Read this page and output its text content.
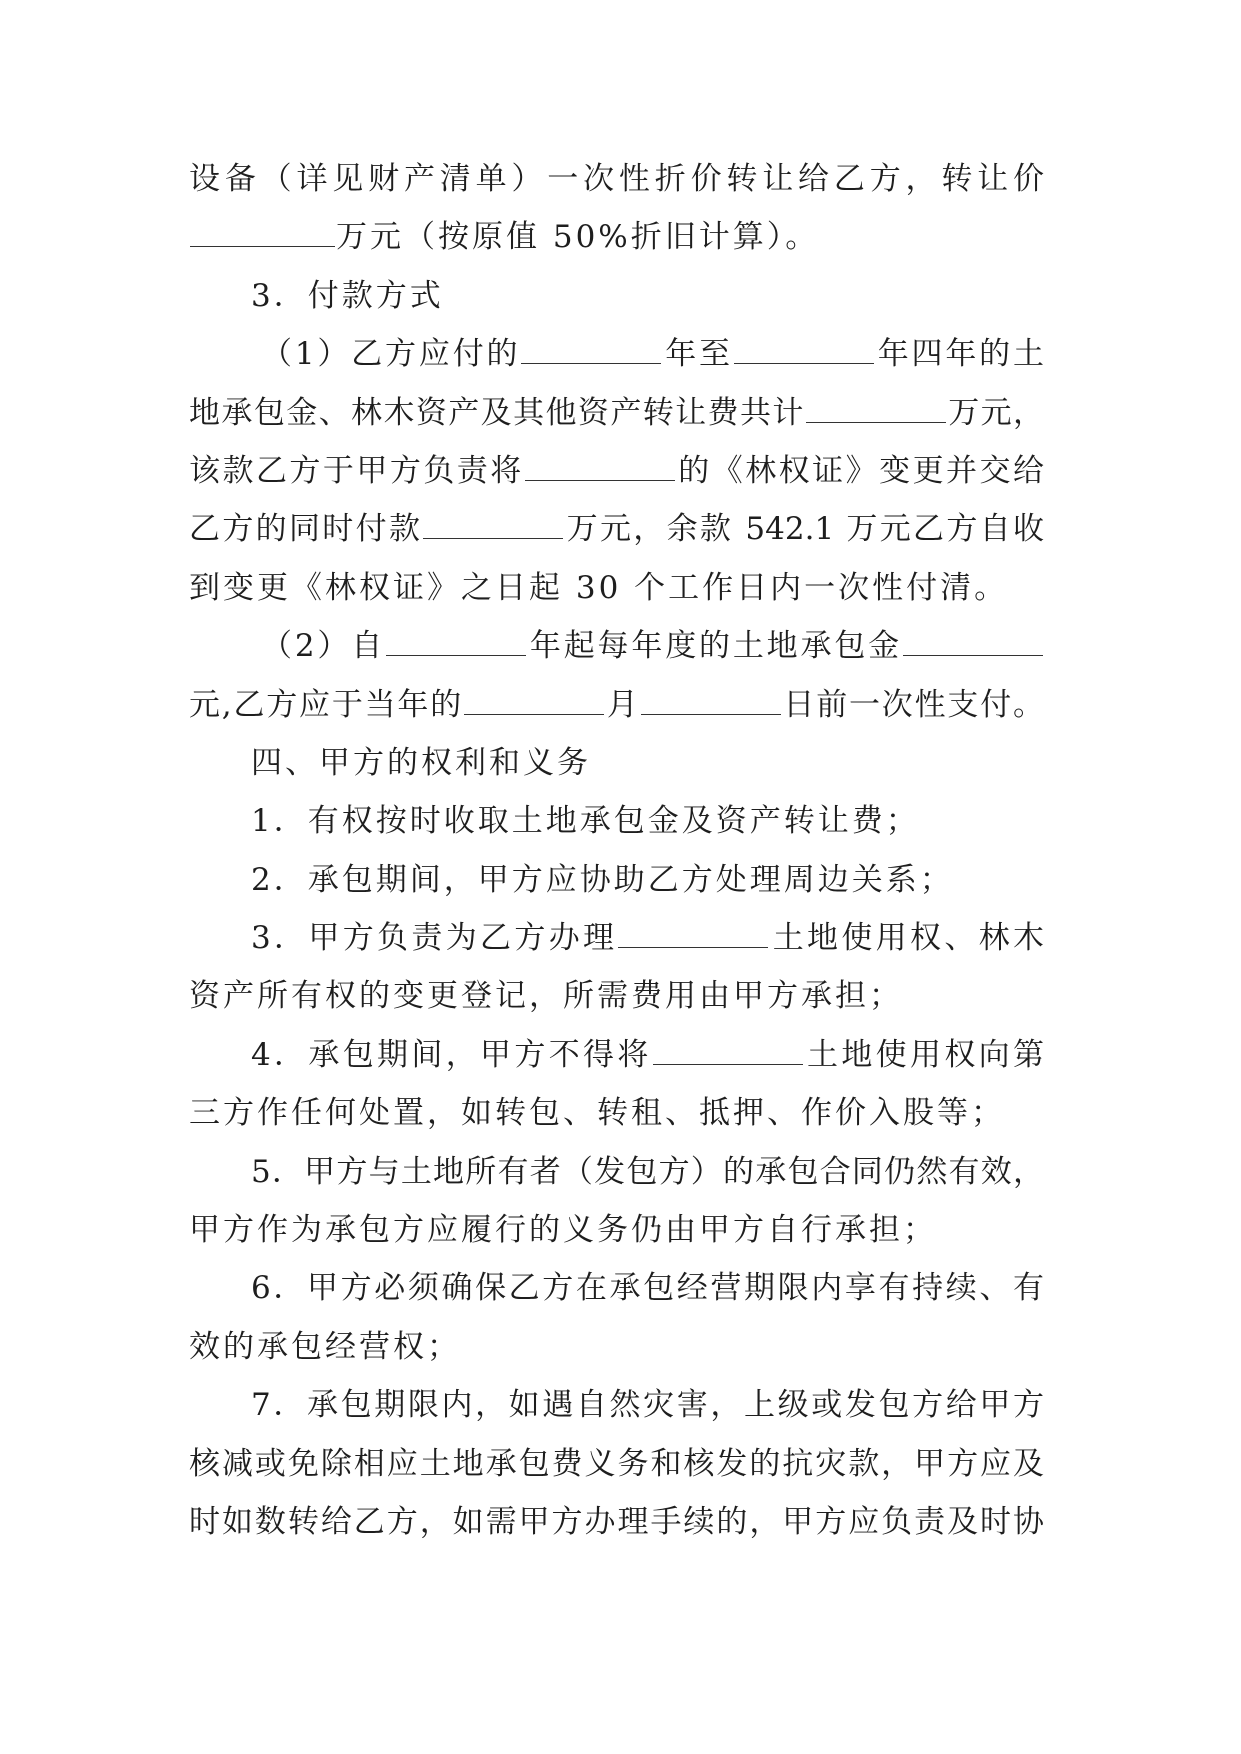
设备（详见财产清单）一次性折价转让给乙方，转让价
万元（按原值 50%折旧计算）。
3．付款方式
（1）乙方应付的	年至	年四年的土
地承包金、林木资产及其他资产转让费共计	万元，
该款乙方于甲方负责将	的《林权证》变更并交给
乙方的同时付款	万元，余款 542.1 万元乙方自收
到变更《林权证》之日起 30 个工作日内一次性付清。
（2）自	年起每年度的土地承包金
元,乙方应于当年的	月	日前一次性支付。
四、甲方的权利和义务
1．有权按时收取土地承包金及资产转让费；
2．承包期间，甲方应协助乙方处理周边关系；
3．甲方负责为乙方办理	土地使用权、林木
资产所有权的变更登记，所需费用由甲方承担；
4．承包期间，甲方不得将	土地使用权向第
三方作任何处置，如转包、转租、抵押、作价入股等；
5．甲方与土地所有者（发包方）的承包合同仍然有效，
甲方作为承包方应履行的义务仍由甲方自行承担；
6．甲方必须确保乙方在承包经营期限内享有持续、有
效的承包经营权；
7．承包期限内，如遇自然灾害，上级或发包方给甲方
核减或免除相应土地承包费义务和核发的抗灾款，甲方应及
时如数转给乙方，如需甲方办理手续的，甲方应负责及时协
